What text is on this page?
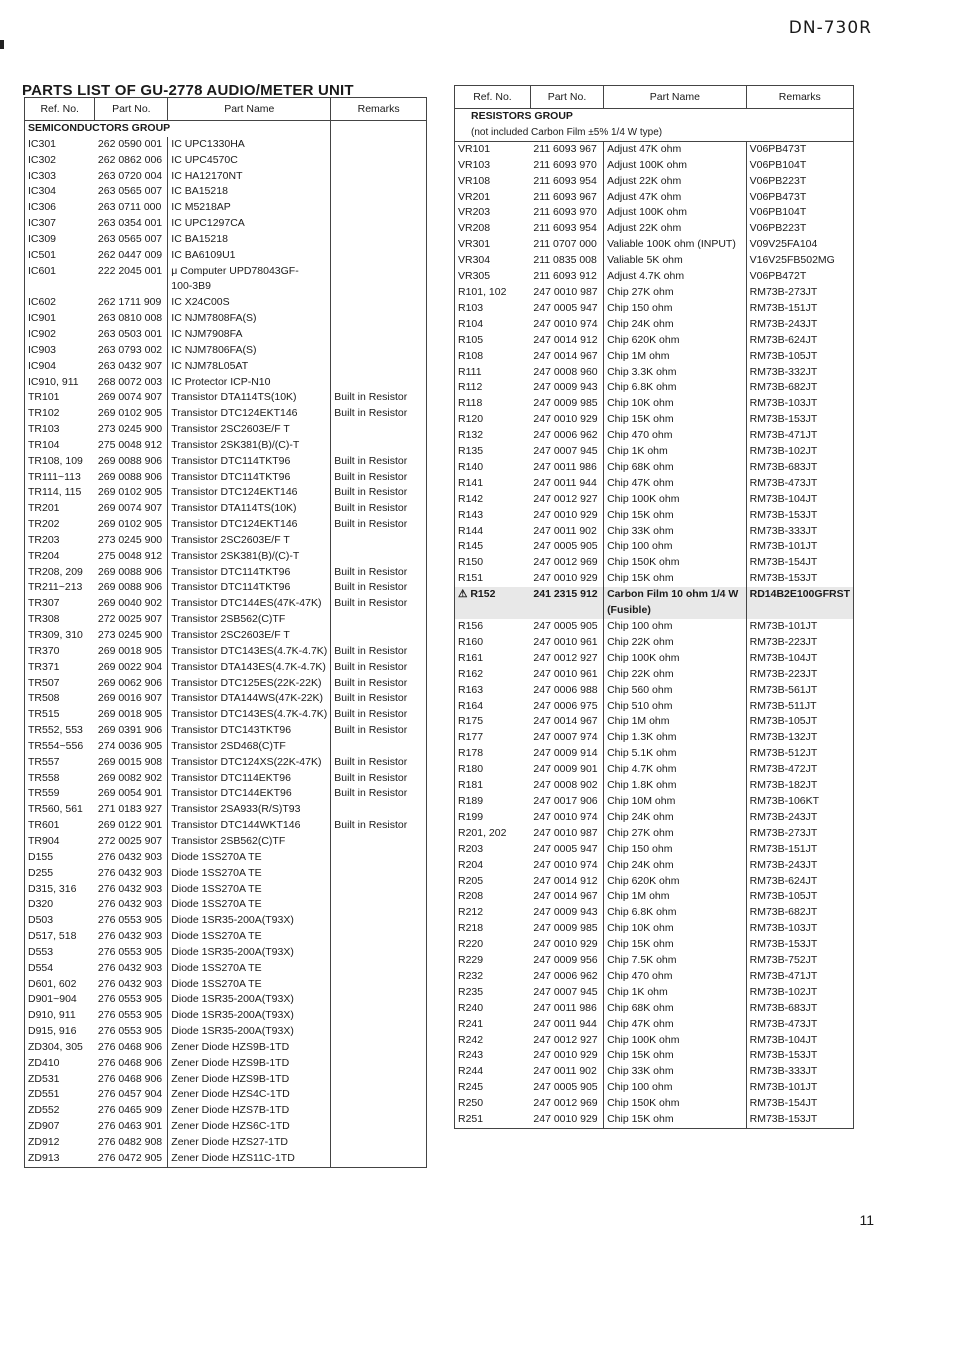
DN-730R
PARTS LIST OF GU-2778 AUDIO/METER UNIT
Ref. No.	Part No.	Part Name	Remarks
SEMICONDUCTORS GROUP			
IC301	262 0590 001	IC UPC1330HA	
IC302	262 0862 006	IC UPC4570C	
IC303	263 0720 004	IC HA12170NT	
IC304	263 0565 007	IC BA15218	
IC306	263 0711 000	IC M5218AP	
IC307	263 0354 001	IC UPC1297CA	
IC309	263 0565 007	IC BA15218	
IC501	262 0447 009	IC BA6109U1	
IC601	222 2045 001	μ Computer UPD78043GF-	
		100-3B9	
IC602	262 1711 909	IC X24C00S	
IC901	263 0810 008	IC NJM7808FA(S)	
IC902	263 0503 001	IC NJM7908FA	
IC903	263 0793 002	IC NJM7806FA(S)	
IC904	263 0432 907	IC NJM78L05AT	
IC910, 911	268 0072 003	IC Protector ICP-N10	
TR101	269 0074 907	Transistor DTA114TS(10K)	Built in Resistor
TR102	269 0102 905	Transistor DTC124EKT146	Built in Resistor
TR103	273 0245 900	Transistor 2SC2603E/F T	
TR104	275 0048 912	Transistor 2SK381(B)/(C)-T	
TR108, 109	269 0088 906	Transistor DTC114TKT96	Built in Resistor
TR111~113	269 0088 906	Transistor DTC114TKT96	Built in Resistor
TR114, 115	269 0102 905	Transistor DTC124EKT146	Built in Resistor
TR201	269 0074 907	Transistor DTA114TS(10K)	Built in Resistor
TR202	269 0102 905	Transistor DTC124EKT146	Built in Resistor
TR203	273 0245 900	Transistor 2SC2603E/F T	
TR204	275 0048 912	Transistor 2SK381(B)/(C)-T	
TR208, 209	269 0088 906	Transistor DTC114TKT96	Built in Resistor
TR211~213	269 0088 906	Transistor DTC114TKT96	Built in Resistor
TR307	269 0040 902	Transistor DTC144ES(47K-47K)	Built in Resistor
TR308	272 0025 907	Transistor 2SB562(C)TF	
TR309, 310	273 0245 900	Transistor 2SC2603E/F T	
TR370	269 0018 905	Transistor DTC143ES(4.7K-4.7K)	Built in Resistor
TR371	269 0022 904	Transistor DTA143ES(4.7K-4.7K)	Built in Resistor
TR507	269 0062 906	Transistor DTC125ES(22K-22K)	Built in Resistor
TR508	269 0016 907	Transistor DTA144WS(47K-22K)	Built in Resistor
TR515	269 0018 905	Transistor DTC143ES(4.7K-4.7K)	Built in Resistor
TR552, 553	269 0391 906	Transistor DTC143TKT96	Built in Resistor
TR554~556	274 0036 905	Transistor 2SD468(C)TF	
TR557	269 0015 908	Transistor DTC124XS(22K-47K)	Built in Resistor
TR558	269 0082 902	Transistor DTC114EKT96	Built in Resistor
TR559	269 0054 901	Transistor DTC144EKT96	Built in Resistor
TR560, 561	271 0183 927	Transistor 2SA933(R/S)T93	
TR601	269 0122 901	Transistor DTC144WKT146	Built in Resistor
TR904	272 0025 907	Transistor 2SB562(C)TF	
D155	276 0432 903	Diode 1SS270A TE	
D255	276 0432 903	Diode 1SS270A TE	
D315, 316	276 0432 903	Diode 1SS270A TE	
D320	276 0432 903	Diode 1SS270A TE	
D503	276 0553 905	Diode 1SR35-200A(T93X)	
D517, 518	276 0432 903	Diode 1SS270A TE	
D553	276 0553 905	Diode 1SR35-200A(T93X)	
D554	276 0432 903	Diode 1SS270A TE	
D601, 602	276 0432 903	Diode 1SS270A TE	
D901~904	276 0553 905	Diode 1SR35-200A(T93X)	
D910, 911	276 0553 905	Diode 1SR35-200A(T93X)	
D915, 916	276 0553 905	Diode 1SR35-200A(T93X)	
ZD304, 305	276 0468 906	Zener Diode HZS9B-1TD	
ZD410	276 0468 906	Zener Diode HZS9B-1TD	
ZD531	276 0468 906	Zener Diode HZS9B-1TD	
ZD551	276 0457 904	Zener Diode HZS4C-1TD	
ZD552	276 0465 909	Zener Diode HZS7B-1TD	
ZD907	276 0463 901	Zener Diode HZS6C-1TD	
ZD912	276 0482 908	Zener Diode HZS27-1TD	
ZD913	276 0472 905	Zener Diode HZS11C-1TD	
Ref. No.	Part No.	Part Name	Remarks
RESISTORS GROUP			
(not included Carbon Film ±5% 1/4 W type)			
VR101	211 6093 967	Adjust 47K ohm	V06PB473T
VR103	211 6093 970	Adjust 100K ohm	V06PB104T
VR108	211 6093 954	Adjust 22K ohm	V06PB223T
VR201	211 6093 967	Adjust 47K ohm	V06PB473T
VR203	211 6093 970	Adjust 100K ohm	V06PB104T
VR208	211 6093 954	Adjust 22K ohm	V06PB223T
VR301	211 0707 000	Valiable 100K ohm (INPUT)	V09V25FA104
VR304	211 0835 008	Valiable 5K ohm	V16V25FB502MG
VR305	211 6093 912	Adjust 4.7K ohm	V06PB472T
R101, 102	247 0010 987	Chip 27K ohm	RM73B-273JT
R103	247 0005 947	Chip 150 ohm	RM73B-151JT
R104	247 0010 974	Chip 24K ohm	RM73B-243JT
R105	247 0014 912	Chip 620K ohm	RM73B-624JT
R108	247 0014 967	Chip 1M ohm	RM73B-105JT
R111	247 0008 960	Chip 3.3K ohm	RM73B-332JT
R112	247 0009 943	Chip 6.8K ohm	RM73B-682JT
R118	247 0009 985	Chip 10K ohm	RM73B-103JT
R120	247 0010 929	Chip 15K ohm	RM73B-153JT
R132	247 0006 962	Chip 470 ohm	RM73B-471JT
R135	247 0007 945	Chip 1K ohm	RM73B-102JT
R140	247 0011 986	Chip 68K ohm	RM73B-683JT
R141	247 0011 944	Chip 47K ohm	RM73B-473JT
R142	247 0012 927	Chip 100K ohm	RM73B-104JT
R143	247 0010 929	Chip 15K ohm	RM73B-153JT
R144	247 0011 902	Chip 33K ohm	RM73B-333JT
R145	247 0005 905	Chip 100 ohm	RM73B-101JT
R150	247 0012 969	Chip 150K ohm	RM73B-154JT
R151	247 0010 929	Chip 15K ohm	RM73B-153JT
⚠ R152	241 2315 912	Carbon Film 10 ohm 1/4 W	RD14B2E100GFRST
		(Fusible)	
R156	247 0005 905	Chip 100 ohm	RM73B-101JT
R160	247 0010 961	Chip 22K ohm	RM73B-223JT
R161	247 0012 927	Chip 100K ohm	RM73B-104JT
R162	247 0010 961	Chip 22K ohm	RM73B-223JT
R163	247 0006 988	Chip 560 ohm	RM73B-561JT
R164	247 0006 975	Chip 510 ohm	RM73B-511JT
R175	247 0014 967	Chip 1M ohm	RM73B-105JT
R177	247 0007 974	Chip 1.3K ohm	RM73B-132JT
R178	247 0009 914	Chip 5.1K ohm	RM73B-512JT
R180	247 0009 901	Chip 4.7K ohm	RM73B-472JT
R181	247 0008 902	Chip 1.8K ohm	RM73B-182JT
R189	247 0017 906	Chip 10M ohm	RM73B-106KT
R199	247 0010 974	Chip 24K ohm	RM73B-243JT
R201, 202	247 0010 987	Chip 27K ohm	RM73B-273JT
R203	247 0005 947	Chip 150 ohm	RM73B-151JT
R204	247 0010 974	Chip 24K ohm	RM73B-243JT
R205	247 0014 912	Chip 620K ohm	RM73B-624JT
R208	247 0014 967	Chip 1M ohm	RM73B-105JT
R212	247 0009 943	Chip 6.8K ohm	RM73B-682JT
R218	247 0009 985	Chip 10K ohm	RM73B-103JT
R220	247 0010 929	Chip 15K ohm	RM73B-153JT
R229	247 0009 956	Chip 7.5K ohm	RM73B-752JT
R232	247 0006 962	Chip 470 ohm	RM73B-471JT
R235	247 0007 945	Chip 1K ohm	RM73B-102JT
R240	247 0011 986	Chip 68K ohm	RM73B-683JT
R241	247 0011 944	Chip 47K ohm	RM73B-473JT
R242	247 0012 927	Chip 100K ohm	RM73B-104JT
R243	247 0010 929	Chip 15K ohm	RM73B-153JT
R244	247 0011 902	Chip 33K ohm	RM73B-333JT
R245	247 0005 905	Chip 100 ohm	RM73B-101JT
R250	247 0012 969	Chip 150K ohm	RM73B-154JT
R251	247 0010 929	Chip 15K ohm	RM73B-153JT
11
